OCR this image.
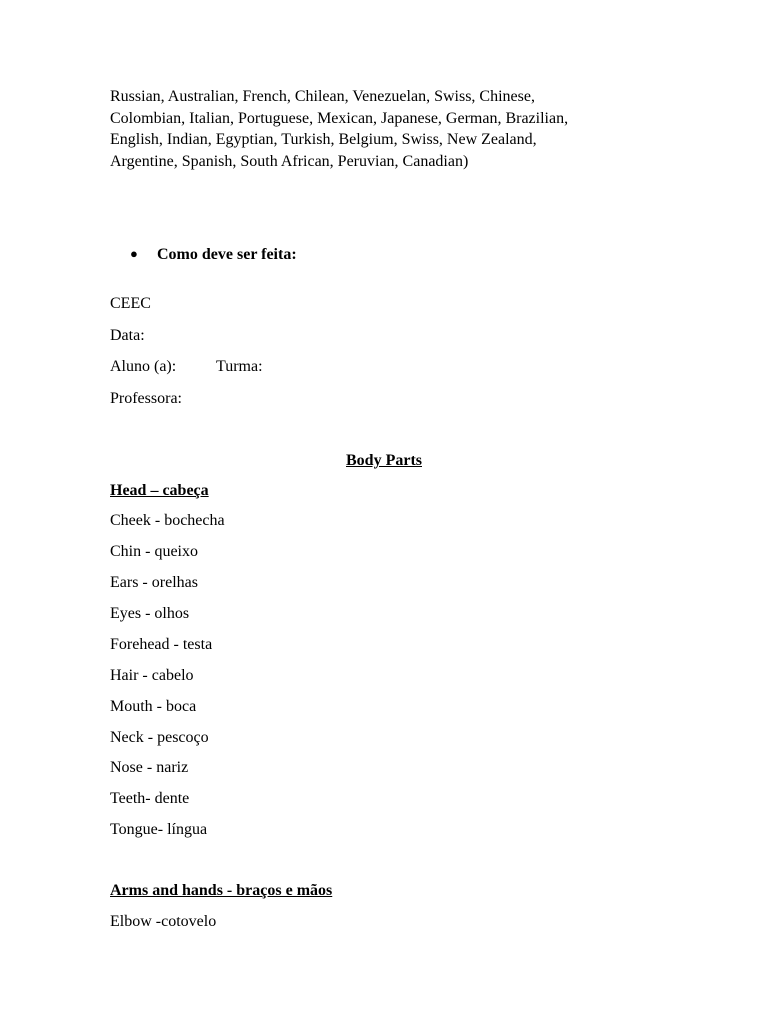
Russian, Australian, French, Chilean, Venezuelan, Swiss, Chinese,
Colombian, Italian, Portuguese, Mexican, Japanese, German, Brazilian,
English, Indian, Egyptian, Turkish, Belgium, Swiss, New Zealand,
Argentine, Spanish, South African, Peruvian, Canadian)

● Como deve ser feita:
CEEC
Data:
Aluno (a): Turma:
Professora:
Body Parts
Head – cabeça
Cheek - bochecha
Chin - queixo
Ears - orelhas
Eyes - olhos
Forehead - testa
Hair - cabelo
Mouth - boca
Neck - pescoço
Nose - nariz
Teeth- dente
Tongue- língua
Arms and hands - braços e mãos
Elbow -cotovelo
